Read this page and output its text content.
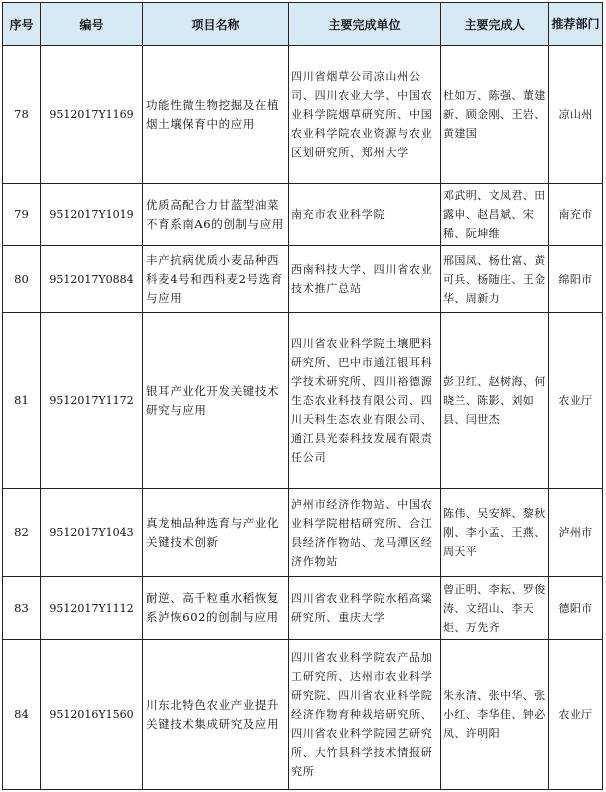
序号	编号	项目名称	主要完成单位	主要完成人	推荐部门
78	9512017Y1169	功能性微生物挖掘及在植烟土壤保育中的应用	四川省烟草公司凉山州公司、四川农业大学、中国农业科学院烟草研究所、中国农业科学院农业资源与农业区划研究所、郑州大学	杜如万、陈强、董建新、顾金刚、王岩、黄建国	凉山州
79	9512017Y1019	优质高配合力甘蓝型油菜不育系南A6的创制与应用	南充市农业科学院	邓武明、文凤君、田露申、赵昌斌、宋稀、阮坤维	南充市
80	9512017Y0884	丰产抗病优质小麦品种西科麦4号和西科麦2号选育与应用	西南科技大学、四川省农业技术推广总站	邢国凤、杨仕富、黄可兵、杨随庄、王金华、周新力	绵阳市
81	9512017Y1172	银耳产业化开发关键技术研究与应用	四川省农业科学院土壤肥料研究所、巴中市通江银耳科学技术研究所、四川裕德源生态农业科技有限公司、四川天科生态农业有限公司、通江县光泰科技发展有限责任公司	彭卫红、赵树海、何晓兰、陈影、刘如县、闫世杰	农业厅
82	9512017Y1043	真龙柚品种选育与产业化关键技术创新	泸州市经济作物站、中国农业科学院柑桔研究所、合江县经济作物站、龙马潭区经济作物站	陈伟、吴安辉、黎秋刚、李小孟、王燕、周天平	泸州市
83	9512017Y1112	耐逆、高千粒重水稻恢复系泸恢602的创制与应用	四川省农业科学院水稻高粱研究所、重庆大学	曾正明、李耘、罗俊涛、文绍山、李天炬、万先齐	德阳市
84	9512016Y1560	川东北特色农业产业提升关键技术集成研究及应用	四川省农业科学院农产品加工研究所、达州市农业科学研究院、四川省农业科学院经济作物育种栽培研究所、四川省农业科学院园艺研究所、大竹县科学技术情报研究所	朱永清、张中华、张小红、李华佳、钟必凤、许明阳	农业厅
